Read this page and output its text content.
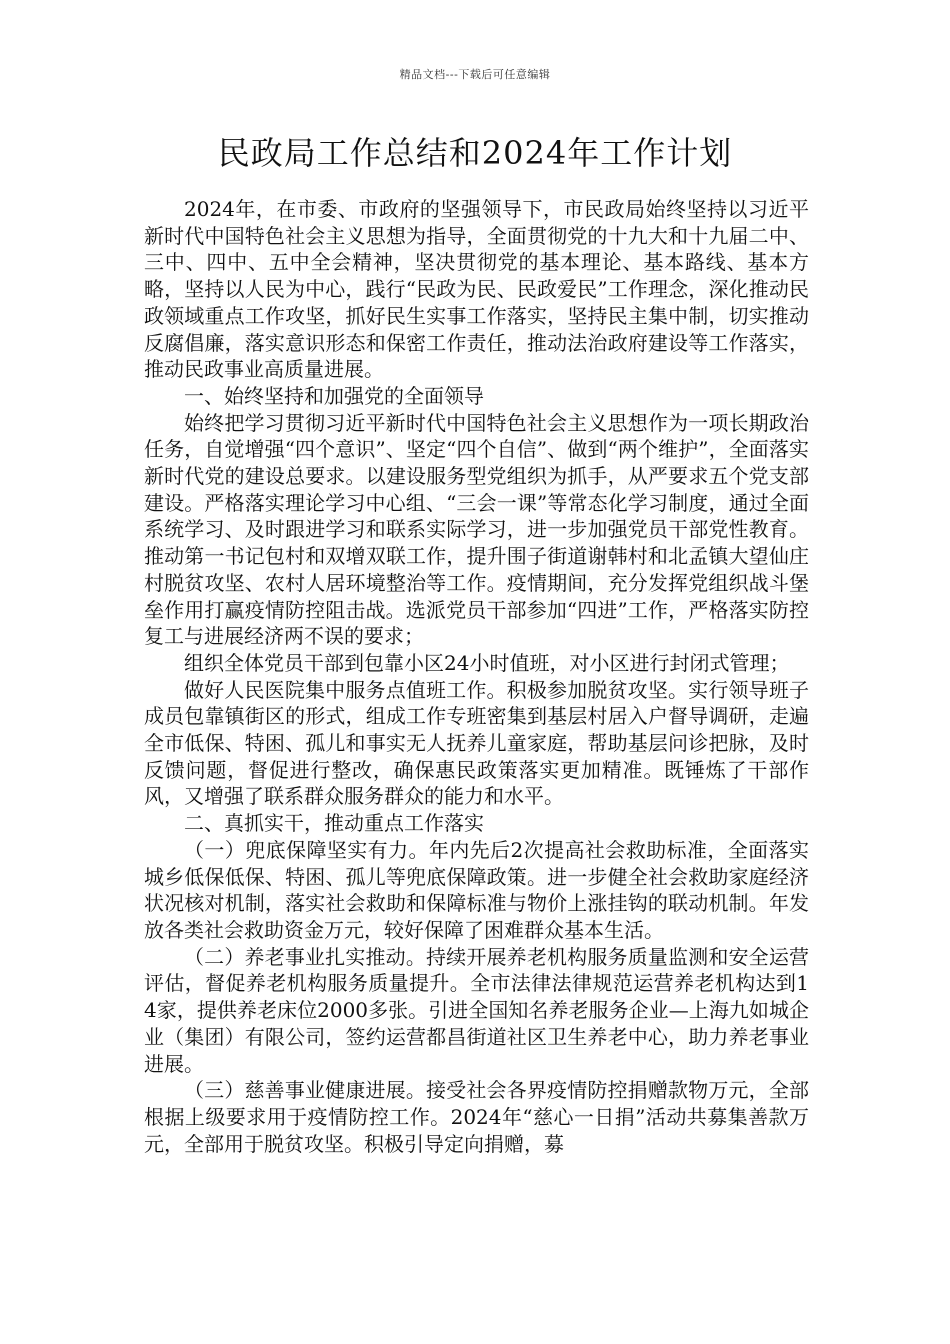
精品文档---下载后可任意编辑
民政局工作总结和2024年工作计划

2024年，在市委、市政府的坚强领导下，市民政局始终坚持以习近平新时代中国特色社会主义思想为指导，全面贯彻党的十九大和十九届二中、三中、四中、五中全会精神，坚决贯彻党的基本理论、基本路线、基本方略，坚持以人民为中心，践行“民政为民、民政爱民”工作理念，深化推动民政领域重点工作攻坚，抓好民生实事工作落实，坚持民主集中制，切实推动反腐倡廉，落实意识形态和保密工作责任，推动法治政府建设等工作落实，推动民政事业高质量进展。

一、始终坚持和加强党的全面领导

始终把学习贯彻习近平新时代中国特色社会主义思想作为一项长期政治任务，自觉增强“四个意识”、坚定“四个自信”、做到“两个维护”，全面落实新时代党的建设总要求。以建设服务型党组织为抓手，从严要求五个党支部建设。严格落实理论学习中心组、“三会一课”等常态化学习制度，通过全面系统学习、及时跟进学习和联系实际学习，进一步加强党员干部党性教育。推动第一书记包村和双增双联工作，提升围子街道谢韩村和北孟镇大望仙庄村脱贫攻坚、农村人居环境整治等工作。疫情期间，充分发挥党组织战斗堡垒作用打赢疫情防控阻击战。选派党员干部参加“四进”工作，严格落实防控复工与进展经济两不误的要求；

组织全体党员干部到包靠小区24小时值班，对小区进行封闭式管理；

做好人民医院集中服务点值班工作。积极参加脱贫攻坚。实行领导班子成员包靠镇街区的形式，组成工作专班密集到基层村居入户督导调研，走遍全市低保、特困、孤儿和事实无人抚养儿童家庭，帮助基层问诊把脉，及时反馈问题，督促进行整改，确保惠民政策落实更加精准。既锤炼了干部作风，又增强了联系群众服务群众的能力和水平。

二、真抓实干，推动重点工作落实

（一）兜底保障坚实有力。年内先后2次提高社会救助标准，全面落实城乡低保低保、特困、孤儿等兜底保障政策。进一步健全社会救助家庭经济状况核对机制，落实社会救助和保障标准与物价上涨挂钩的联动机制。年发放各类社会救助资金万元，较好保障了困难群众基本生活。

（二）养老事业扎实推动。持续开展养老机构服务质量监测和安全运营评估，督促养老机构服务质量提升。全市法律法律规范运营养老机构达到14家，提供养老床位2000多张。引进全国知名养老服务企业—上海九如城企业（集团）有限公司，签约运营都昌街道社区卫生养老中心，助力养老事业进展。

（三）慈善事业健康进展。接受社会各界疫情防控捐赠款物万元，全部根据上级要求用于疫情防控工作。2024年“慈心一日捐”活动共募集善款万元，全部用于脱贫攻坚。积极引导定向捐赠，募
